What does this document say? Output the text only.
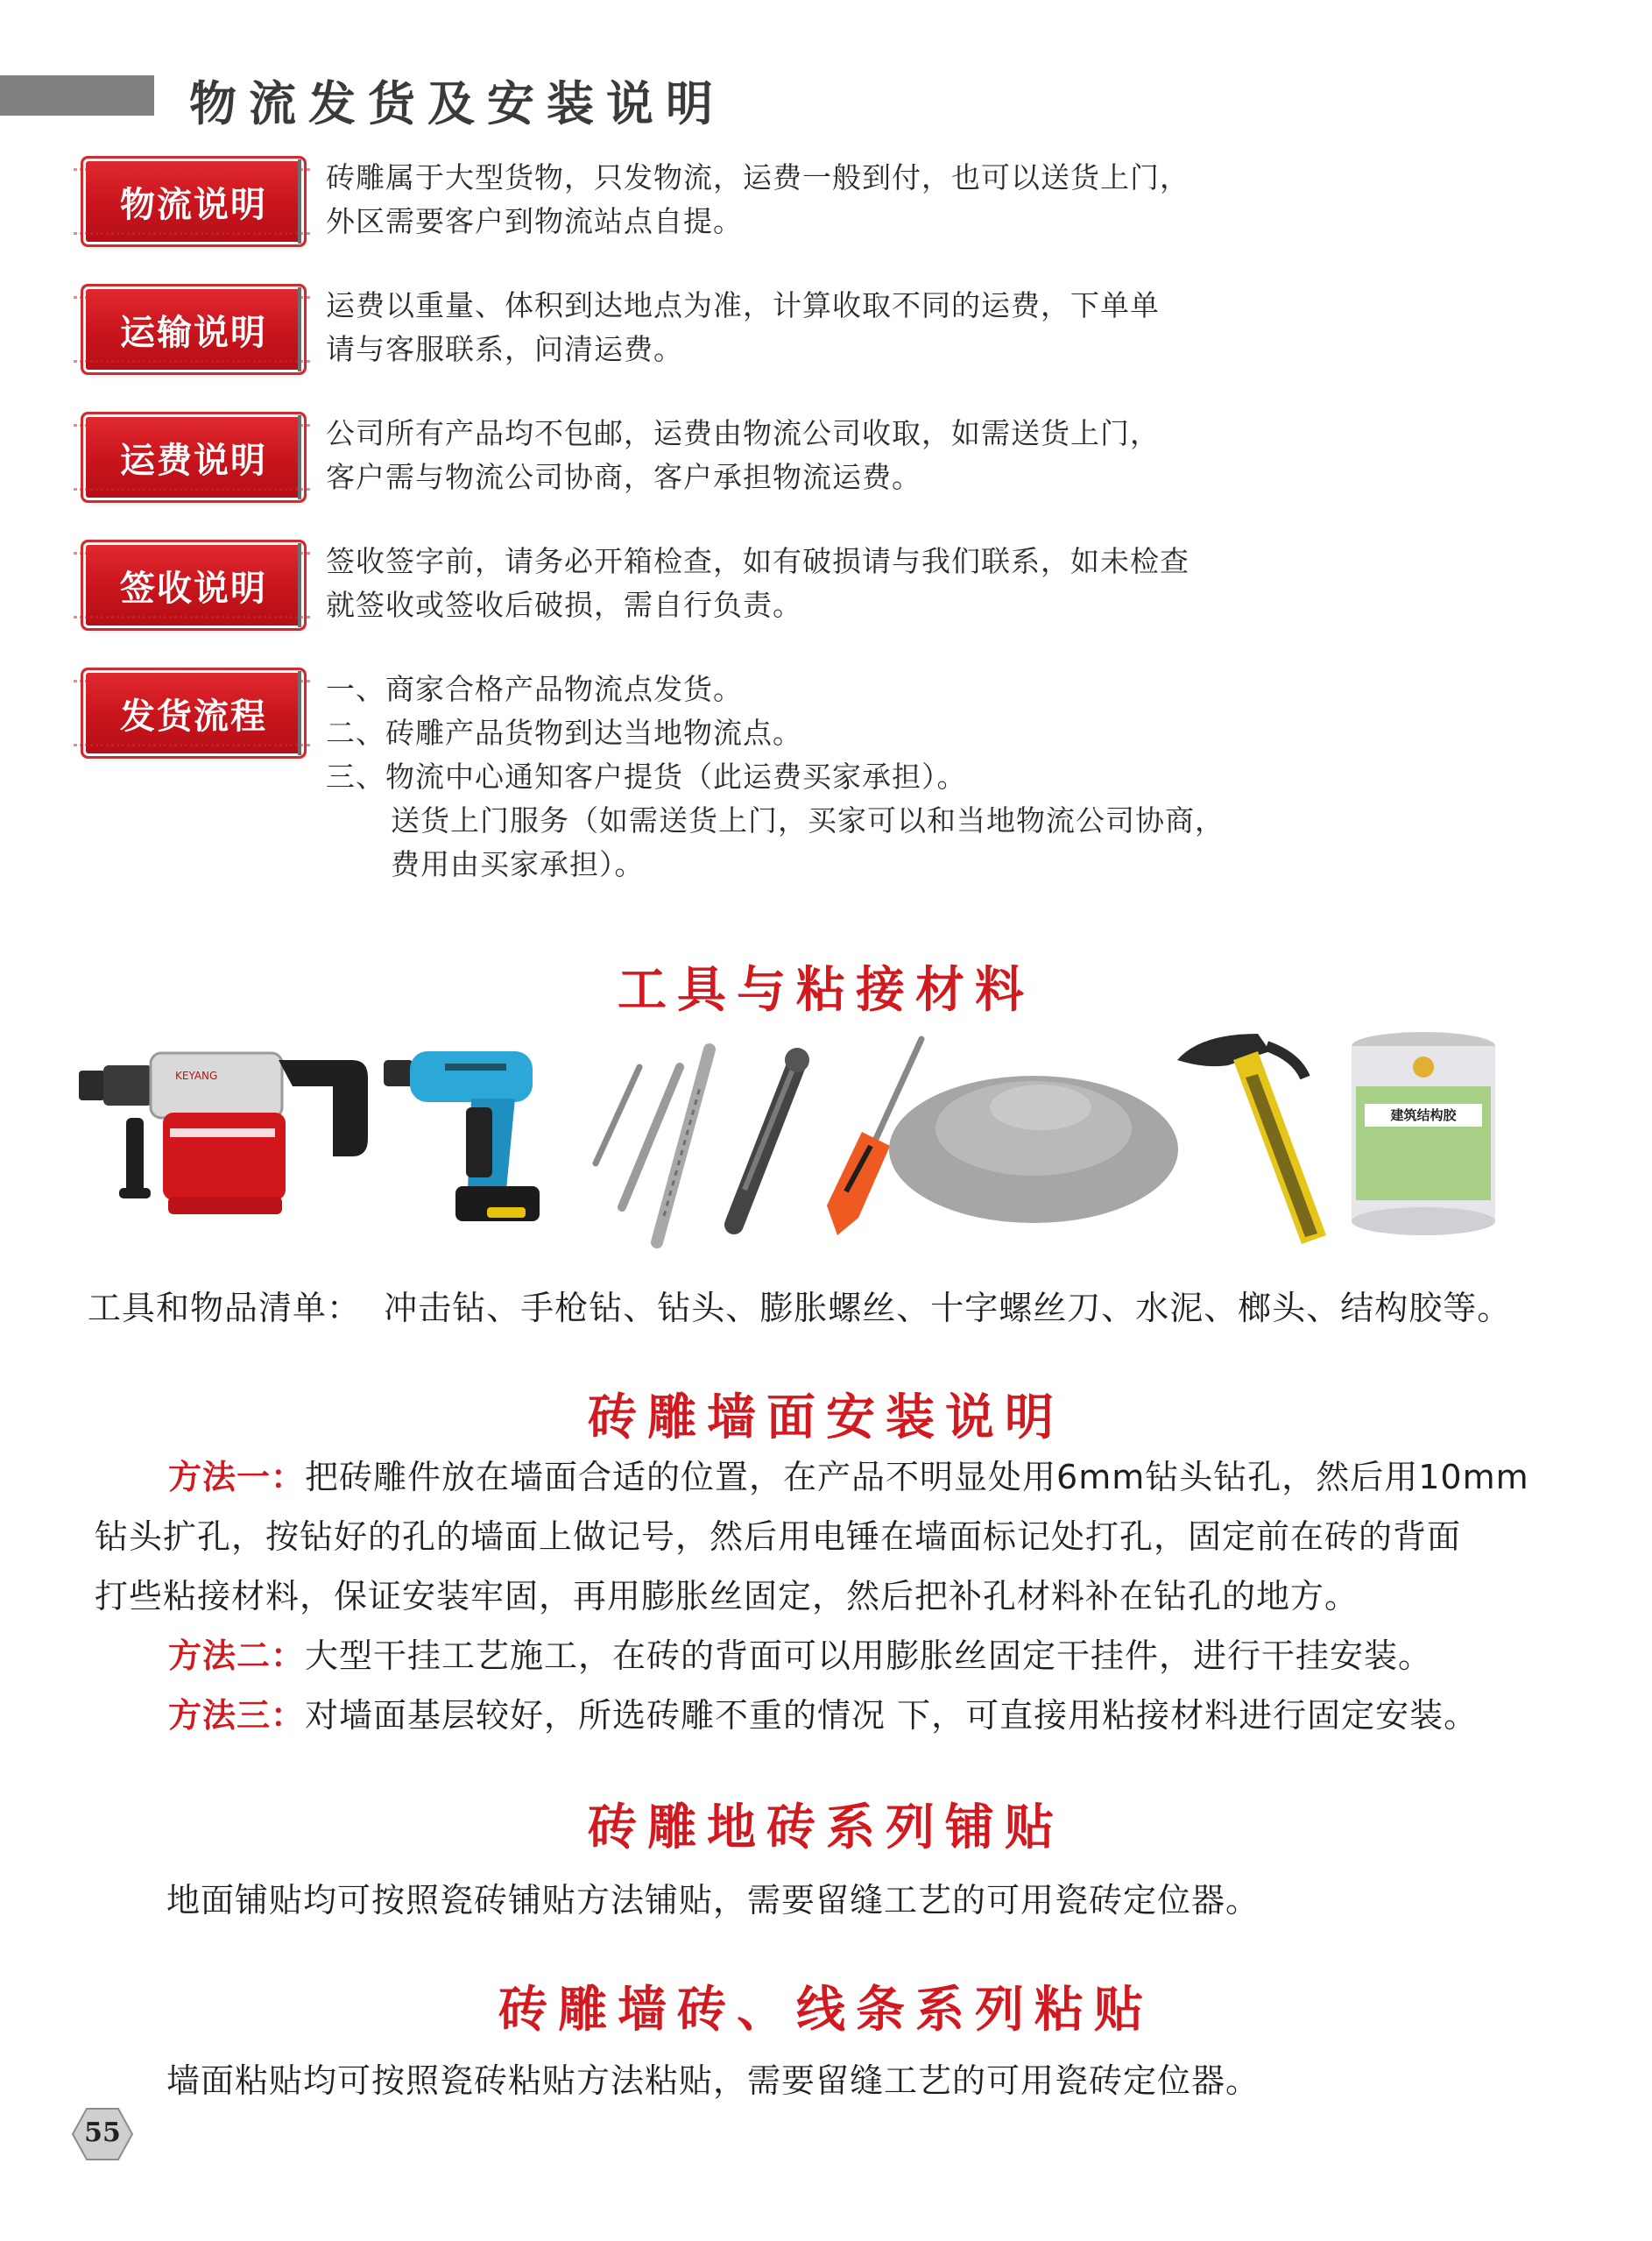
物流发货及安装说明
物流说明
砖雕属于大型货物，只发物流，运费一般到付，也可以送货上门，
外区需要客户到物流站点自提。
运输说明
运费以重量、体积到达地点为准，计算收取不同的运费，下单单
请与客服联系，问清运费。
运费说明
公司所有产品均不包邮，运费由物流公司收取，如需送货上门，
客户需与物流公司协商，客户承担物流运费。
签收说明
签收签字前，请务必开箱检查，如有破损请与我们联系，如未检查
就签收或签收后破损，需自行负责。
发货流程
一、商家合格产品物流点发货。
二、砖雕产品货物到达当地物流点。
三、物流中心通知客户提货（此运费买家承担）。
送货上门服务（如需送货上门，买家可以和当地物流公司协商，
费用由买家承担）。
工具与粘接材料
KEYANG
建筑结构胶
工具和物品清单： 冲击钻、手枪钻、钻头、膨胀螺丝、十字螺丝刀、水泥、榔头、结构胶等。
砖雕墙面安装说明
方法一：把砖雕件放在墙面合适的位置，在产品不明显处用6mm钻头钻孔，然后用10mm
钻头扩孔，按钻好的孔的墙面上做记号，然后用电锤在墙面标记处打孔，固定前在砖的背面
打些粘接材料，保证安装牢固，再用膨胀丝固定，然后把补孔材料补在钻孔的地方。
方法二：大型干挂工艺施工，在砖的背面可以用膨胀丝固定干挂件，进行干挂安装。
方法三：对墙面基层较好，所选砖雕不重的情况 下，可直接用粘接材料进行固定安装。
砖雕地砖系列铺贴
地面铺贴均可按照瓷砖铺贴方法铺贴，需要留缝工艺的可用瓷砖定位器。
砖雕墙砖、线条系列粘贴
墙面粘贴均可按照瓷砖粘贴方法粘贴，需要留缝工艺的可用瓷砖定位器。
55
